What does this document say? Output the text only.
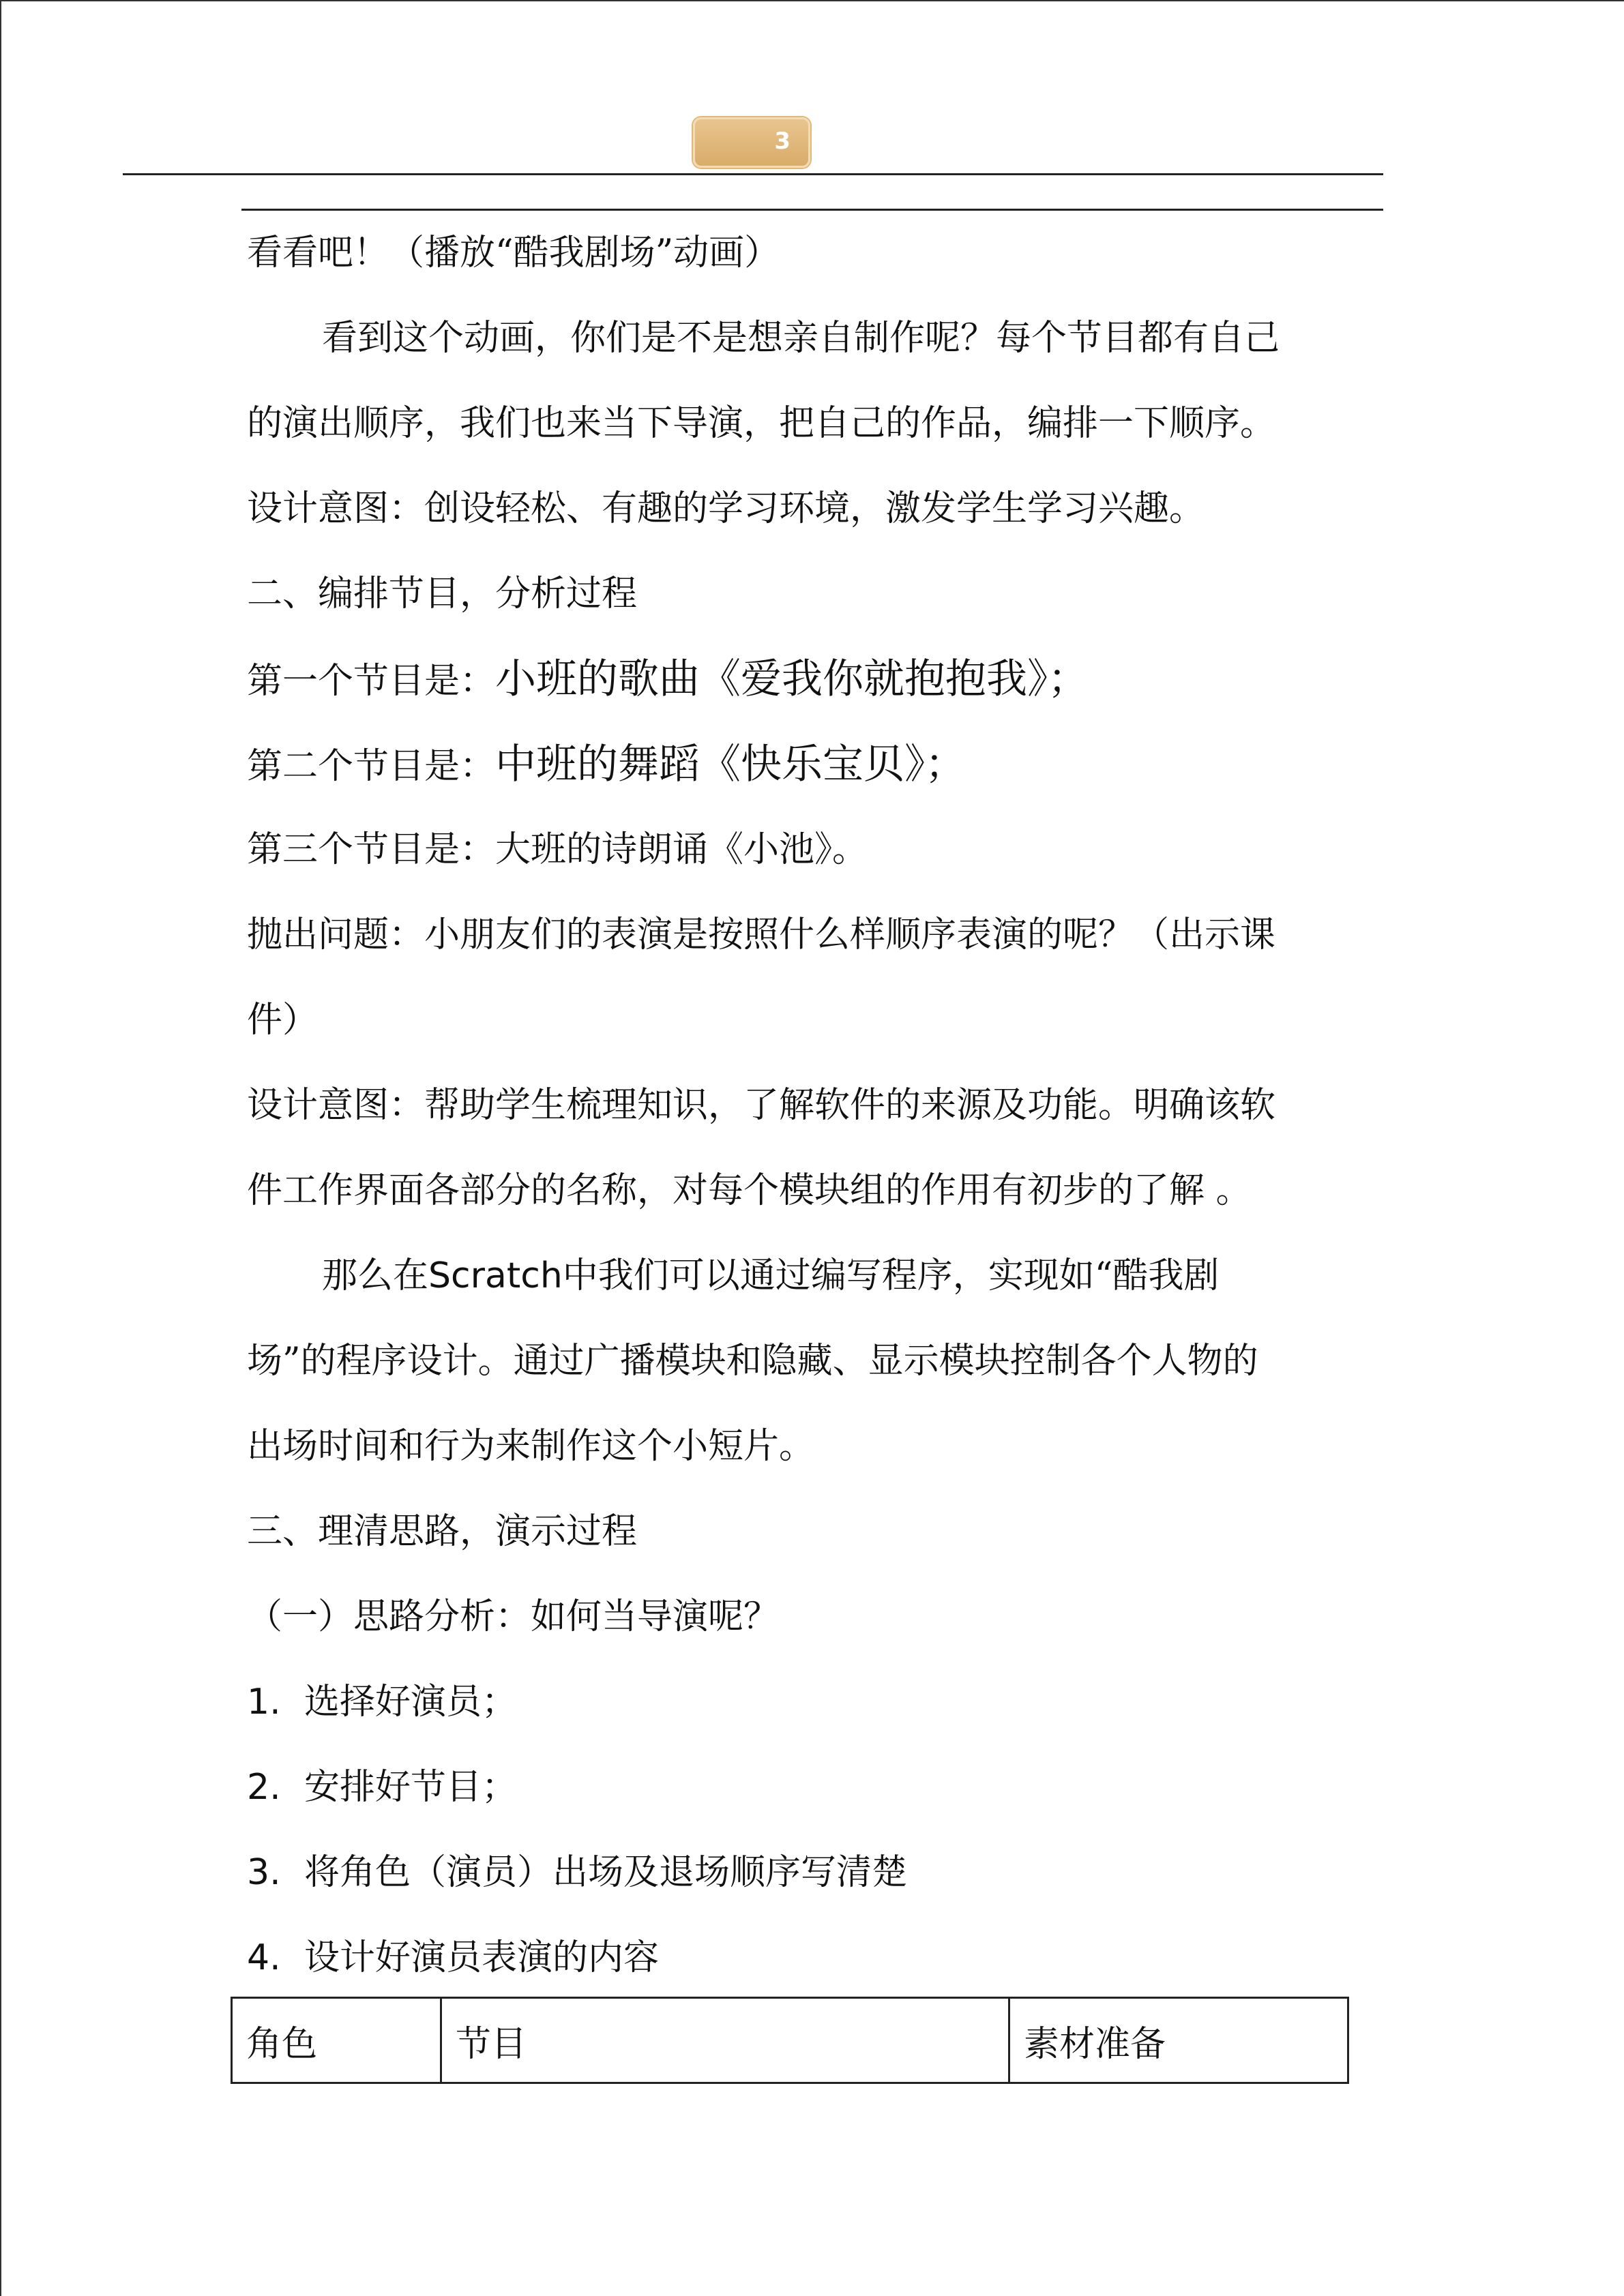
3
看看吧！（播放“酷我剧场”动画）
看到这个动画，你们是不是想亲自制作呢？每个节目都有自己
的演出顺序，我们也来当下导演，把自己的作品，编排一下顺序。
设计意图：创设轻松、有趣的学习环境，激发学生学习兴趣。
二、编排节目，分析过程
第一个节目是：小班的歌曲《爱我你就抱抱我》；
第二个节目是：中班的舞蹈《快乐宝贝》；
第三个节目是：大班的诗朗诵《小池》。
抛出问题：小朋友们的表演是按照什么样顺序表演的呢？（出示课
件）
设计意图：帮助学生梳理知识，了解软件的来源及功能。明确该软
件工作界面各部分的名称，对每个模块组的作用有初步的了解 。
那么在Scratch中我们可以通过编写程序，实现如“酷我剧
场”的程序设计。通过广播模块和隐藏、显示模块控制各个人物的
出场时间和行为来制作这个小短片。
三、理清思路，演示过程
（一）思路分析：如何当导演呢？
1. 选择好演员；
2. 安排好节目；
3. 将角色（演员）出场及退场顺序写清楚
4. 设计好演员表演的内容
角色	节目	素材准备
